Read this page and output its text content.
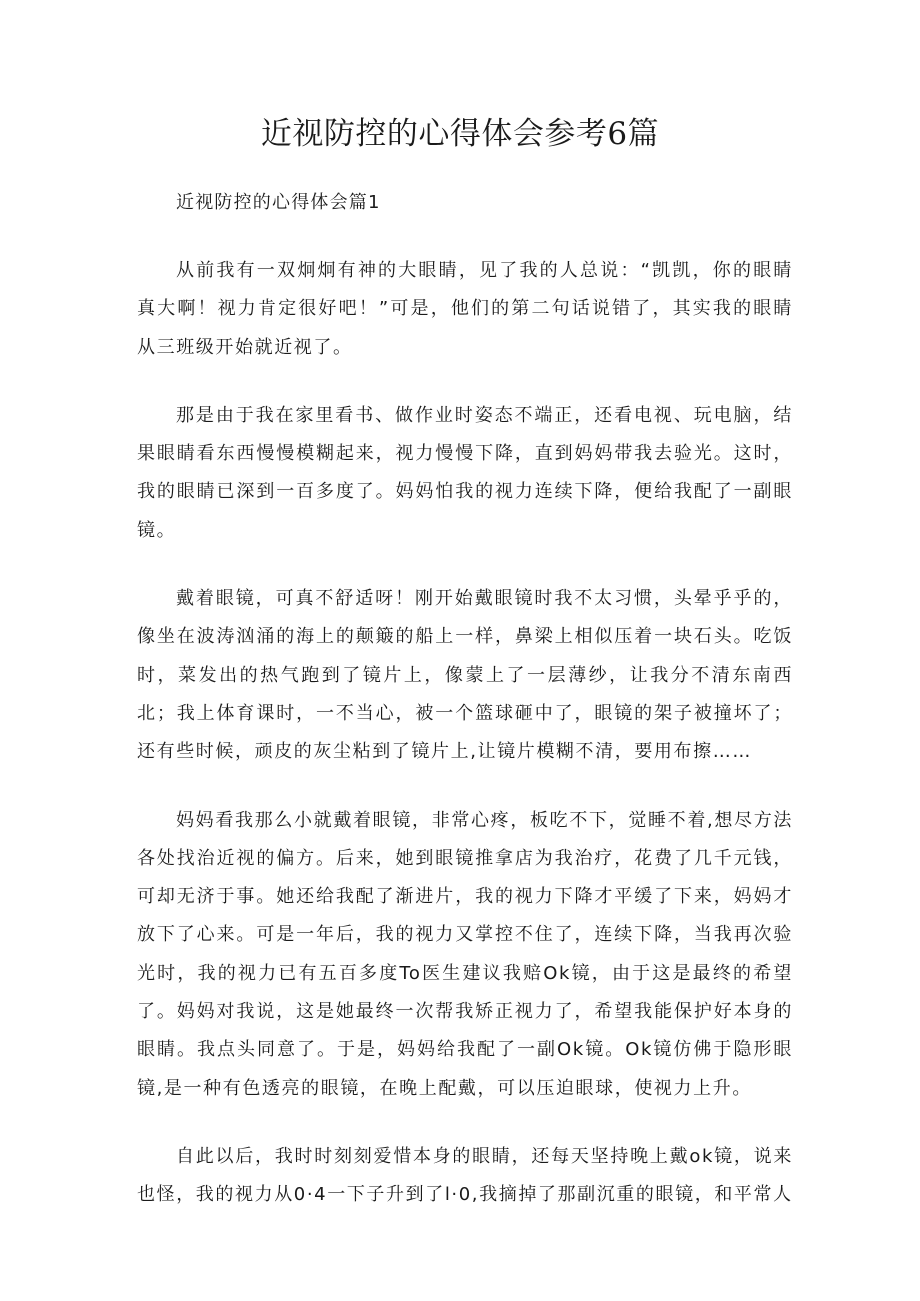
近视防控的心得体会参考6篇

近视防控的心得体会篇1

从前我有一双炯炯有神的大眼睛，见了我的人总说：“凯凯，你的眼睛真大啊！视力肯定很好吧！”可是，他们的第二句话说错了，其实我的眼睛从三班级开始就近视了。

那是由于我在家里看书、做作业时姿态不端正，还看电视、玩电脑，结果眼睛看东西慢慢模糊起来，视力慢慢下降，直到妈妈带我去验光。这时，我的眼睛已深到一百多度了。妈妈怕我的视力连续下降，便给我配了一副眼镜。

戴着眼镜，可真不舒适呀！刚开始戴眼镜时我不太习惯，头晕乎乎的，像坐在波涛汹涌的海上的颠簸的船上一样，鼻梁上相似压着一块石头。吃饭时，菜发出的热气跑到了镜片上，像蒙上了一层薄纱，让我分不清东南西北；我上体育课时，一不当心，被一个篮球砸中了，眼镜的架子被撞坏了；还有些时候，顽皮的灰尘粘到了镜片上,让镜片模糊不清，要用布擦……

妈妈看我那么小就戴着眼镜，非常心疼，板吃不下，觉睡不着,想尽方法各处找治近视的偏方。后来，她到眼镜推拿店为我治疗，花费了几千元钱，可却无济于事。她还给我配了渐进片，我的视力下降才平缓了下来，妈妈才放下了心来。可是一年后，我的视力又掌控不住了，连续下降，当我再次验光时，我的视力已有五百多度To医生建议我赔Ok镜，由于这是最终的希望了。妈妈对我说，这是她最终一次帮我矫正视力了，希望我能保护好本身的眼睛。我点头同意了。于是，妈妈给我配了一副Ok镜。Ok镜仿佛于隐形眼镜,是一种有色透亮的眼镜，在晚上配戴，可以压迫眼球，使视力上升。

自此以后，我时时刻刻爱惜本身的眼睛，还每天坚持晚上戴ok镜，说来也怪，我的视力从0·4一下子升到了l·0,我摘掉了那副沉重的眼镜，和平常人
